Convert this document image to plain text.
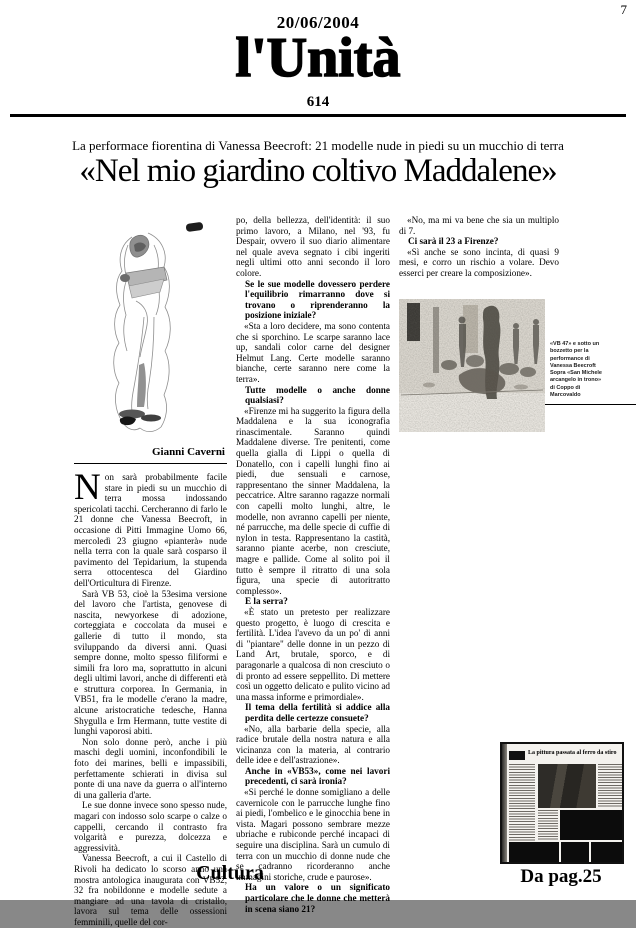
7
20/06/2004
l'Unità
614
La performace fiorentina di Vanessa Beecroft: 21 modelle nude in piedi su un mucchio di terra
«Nel mio giardino coltivo Maddalene»
Gianni Caverni

Non sarà probabilmente facile stare in piedi su un mucchio di terra mossa indossando spericolati tacchi. Cercheranno di farlo le 21 donne che Vanessa Beecroft, in occasione di Pitti Immagine Uomo 66, mercoledì 23 giugno «pianterà» nude nella terra con la quale sarà cosparso il pavimento del Tepidarium, la stupenda serra ottocentesca del Giardino dell'Orticultura di Firenze.

Sarà VB 53, cioè la 53esima versione del lavoro che l'artista, genovese di nascita, newyorkese di adozione, corteggiata e coccolata da musei e gallerie di tutto il mondo, sta sviluppando da diversi anni. Quasi sempre donne, molto spesso filiformi e simili fra loro ma, soprattutto in alcuni degli ultimi lavori, anche di differenti età e struttura corporea. In Germania, in VB51, fra le modelle c'erano la madre, alcune aristocratiche tedesche, Hanna Shygulla e Irm Hermann, tutte vestite di lunghi vaporosi abiti.

Non solo donne però, anche i più maschi degli uomini, inconfondibili le foto dei marines, belli e impassibili, perfettamente schierati in divisa sul ponte di una nave da guerra o all'interno di una galleria d'arte.

Le sue donne invece sono spesso nude, magari con indosso solo scarpe o calze o cappelli, cercando il contrasto fra volgarità e purezza, dolcezza e aggressività.

Vanessa Beecroft, a cui il Castello di Rivoli ha dedicato lo scorso anno una mostra antologica inaugurata con VB52, 32 fra nobildonne e modelle sedute a mangiare ad una tavola di cristallo, lavora sul tema delle ossessioni femminili, quelle del cor-

po, della bellezza, dell'identità: il suo primo lavoro, a Milano, nel '93, fu Despair, ovvero il suo diario alimentare nel quale aveva segnato i cibi ingeriti negli ultimi otto anni secondo il loro colore.

Se le sue modelle dovessero perdere l'equilibrio rimarranno dove si trovano o riprenderanno la posizione iniziale?

«Sta a loro decidere, ma sono contenta che si sporchino. Le scarpe saranno lace up, sandali color carne del designer Helmut Lang. Certe modelle saranno bianche, certe saranno nere come la terra».

Tutte modelle o anche donne qualsiasi?

«Firenze mi ha suggerito la figura della Maddalena e la sua iconografia rinascimentale. Saranno quindi Maddalene diverse. Tre penitenti, come quella gialla di Lippi o quella di Donatello, con i capelli lunghi fino ai piedi, due sensuali e carnose, rappresentano the sinner Maddalena, la peccatrice. Altre saranno ragazze normali con capelli molto lunghi, altre, le modelle, non avranno capelli per niente, né parrucche, ma delle specie di cuffie di nylon in testa. Rappresentano la castità, saranno piante acerbe, non cresciute, magre e pallide. Come al solito poi il tutto è sempre il ritratto di una sola figura, una specie di autoritratto complesso».

E la serra?

«È stato un pretesto per realizzare questo progetto, è luogo di crescita e fertilità. L'idea l'avevo da un po' di anni di "piantare" delle donne in un pezzo di Land Art, brutale, sporco, e di paragonarle a qualcosa di non cresciuto o di pronto ad essere seppellito. Di mettere così un oggetto delicato e pulito vicino ad una massa informe e primordiale».

Il tema della fertilità si addice alla perdita delle certezze consuete?

«No, alla barbarie della specie, alla radice brutale della nostra natura e alla vicinanza con la materia, al contrario delle idee e dell'astrazione».

Anche in «VB53», come nei lavori precedenti, ci sarà ironia?

«Si perché le donne somigliano a delle cavernicole con le parrucche lunghe fino ai piedi, l'ombelico e le ginocchia bene in vista. Magari possono sembrare mezze ubriache e rubiconde perché incapaci di seguire una disciplina. Sarà un cumulo di terra con un mucchio di donne nude che se cadranno ricorderanno anche immagini storiche, crude e paurose».

Ha un valore o un significato particolare che le donne che metterà in scena siano 21?

«No, ma mi va bene che sia un multiplo di 7.

Ci sarà il 23 a Firenze?

«Sì anche se sono incinta, di quasi 9 mesi, e corro un rischio a volare. Devo esserci per creare la composizione».

«VB 47» e sotto un bozzetto per la performance di Vanessa Beecroft Sopra «San Michele arcangelo in trono» di Coppo di Marcovaldo
Cultura
La pittura passata al ferro da stiro
Da pag.25
